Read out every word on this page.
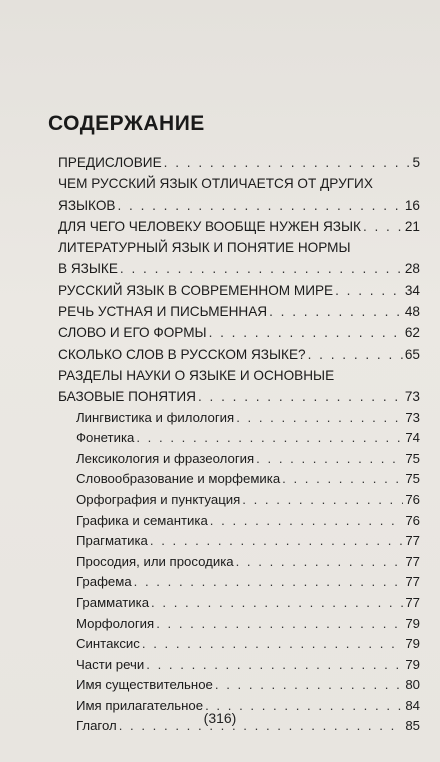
СОДЕРЖАНИЕ
ПРЕДИСЛОВИЕ . . .	5
ЧЕМ РУССКИЙ ЯЗЫК ОТЛИЧАЕТСЯ ОТ ДРУГИХ
ЯЗЫКОВ . . .	16
ДЛЯ ЧЕГО ЧЕЛОВЕКУ ВООБЩЕ НУЖЕН ЯЗЫК . . .	21
ЛИТЕРАТУРНЫЙ ЯЗЫК И ПОНЯТИЕ НОРМЫ
В ЯЗЫКЕ . . .	28
РУССКИЙ ЯЗЫК В СОВРЕМЕННОМ МИРЕ . . .	34
РЕЧЬ УСТНАЯ И ПИСЬМЕННАЯ . . .	48
СЛОВО И ЕГО ФОРМЫ . . .	62
СКОЛЬКО СЛОВ В РУССКОМ ЯЗЫКЕ? . . .	65
РАЗДЕЛЫ НАУКИ О ЯЗЫКЕ И ОСНОВНЫЕ
БАЗОВЫЕ ПОНЯТИЯ . . .	73
Лингвистика и филология . . .	73
Фонетика . . .	74
Лексикология и фразеология . . .	75
Словообразование и морфемика . . .	75
Орфография и пунктуация . . .	76
Графика и семантика . . .	76
Прагматика . . .	77
Просодия, или просодика . . .	77
Графема . . .	77
Грамматика . . .	77
Морфология . . .	79
Синтаксис . . .	79
Части речи . . .	79
Имя существительное . . .	80
Имя прилагательное . . .	84
Глагол . . .	85
(316)
